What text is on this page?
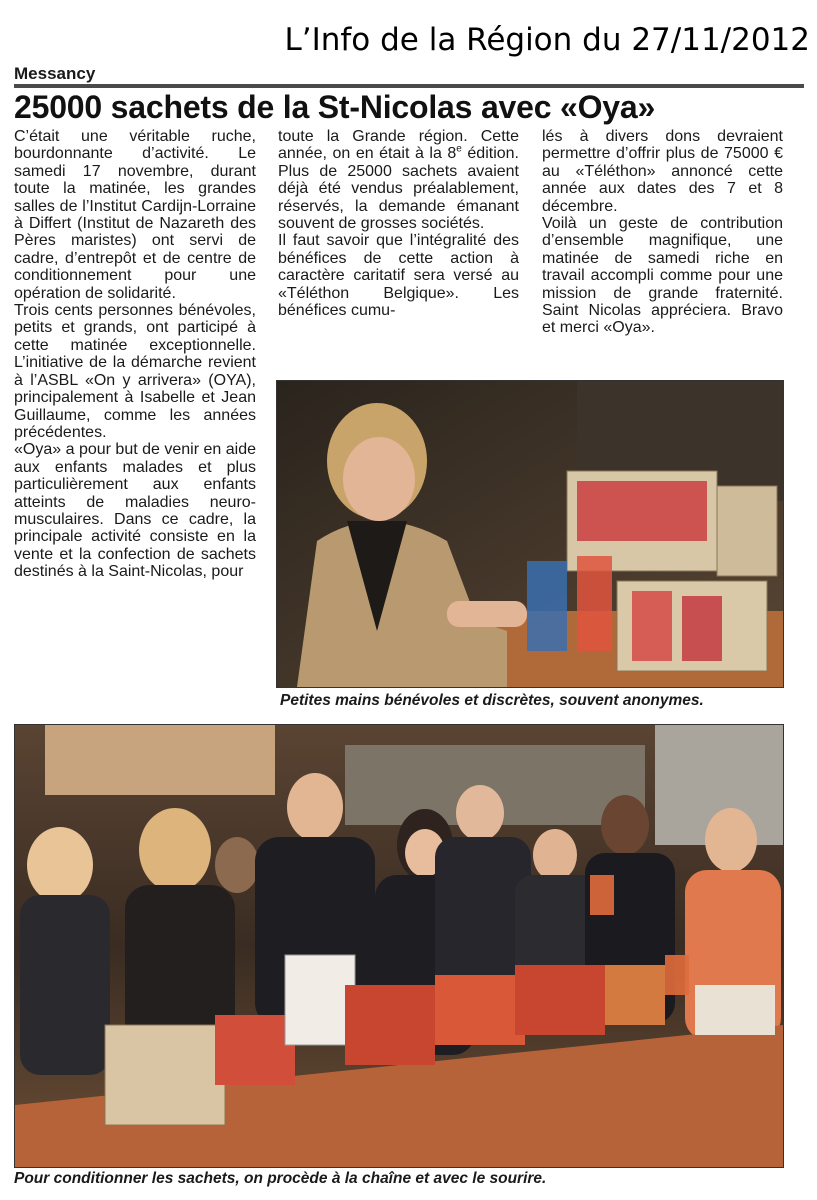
L’Info de la Région du 27/11/2012
Messancy
25000 sachets de la St-Nicolas avec «Oya»

C’était une véritable ruche, bourdonnante d’activité. Le samedi 17 novembre, durant toute la matinée, les grandes salles de l’Institut Cardijn-Lorraine à Differt (Institut de Nazareth des Pères maristes) ont servi de cadre, d’entrepôt et de centre de conditionnement pour une opération de solidarité.

Trois cents personnes bénévoles, petits et grands, ont participé à cette matinée exceptionnelle. L’initiative de la démarche revient à l’ASBL «On y arrivera» (OYA), principalement à Isabelle et Jean Guillaume, comme les années précédentes.

«Oya» a pour but de venir en aide aux enfants malades et plus particulièrement aux enfants atteints de maladies neuro-musculaires. Dans ce cadre, la principale activité consiste en la vente et la confection de sachets destinés à la Saint-Nicolas, pour

toute la Grande région. Cette année, on en était à la 8e édition. Plus de 25000 sachets avaient déjà été vendus préalablement, réservés, la demande émanant souvent de grosses sociétés.

Il faut savoir que l’intégralité des bénéfices de cette action à caractère caritatif sera versé au «Téléthon Belgique». Les bénéfices cumu-

lés à divers dons devraient permettre d’offrir plus de 75000 € au «Téléthon» annoncé cette année aux dates des 7 et 8 décembre.

Voilà un geste de contribution d’ensemble magnifique, une matinée de samedi riche en travail accompli comme pour une mission de grande fraternité. Saint Nicolas appréciera. Bravo et merci «Oya».

Petites mains bénévoles et discrètes, souvent anonymes.
Pour conditionner les sachets, on procède à la chaîne et avec le sourire.
